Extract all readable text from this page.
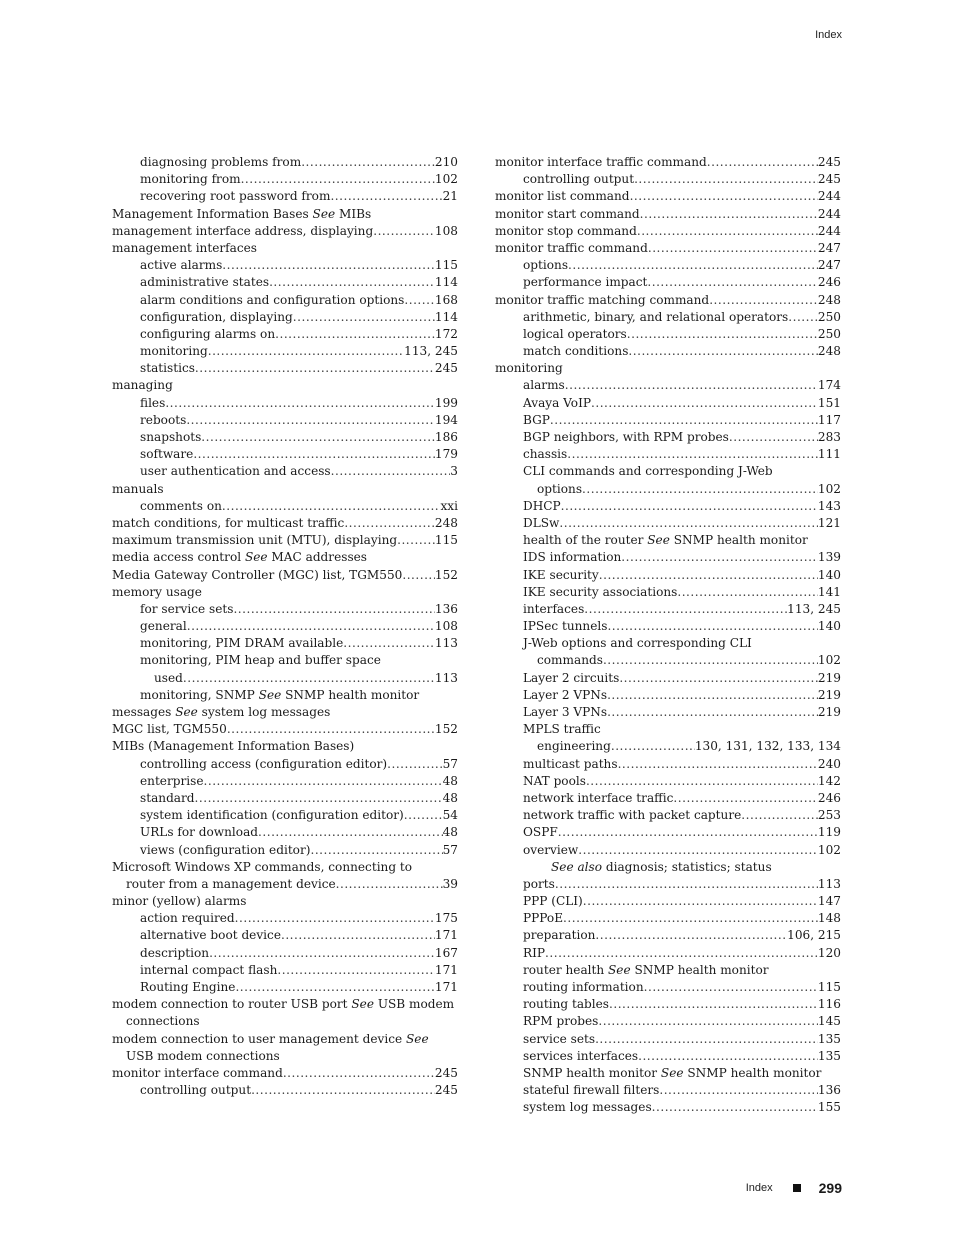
Index
diagnosing problems from .....	210
monitoring from .....	102
recovering root password from .....	21
Management Information Bases See MIBs
management interface address, displaying .....	108
management interfaces
active alarms .....	115
administrative states .....	114
alarm conditions and configuration options .....	168
configuration, displaying .....	114
configuring alarms on .....	172
monitoring .....	113, 245
statistics .....	245
managing
files .....	199
reboots .....	194
snapshots .....	186
software .....	179
user authentication and access .....	3
manuals
comments on .....	xxi
match conditions, for multicast traffic .....	248
maximum transmission unit (MTU), displaying .....	115
media access control See MAC addresses
Media Gateway Controller (MGC) list, TGM550 .....	152
memory usage
for service sets .....	136
general .....	108
monitoring, PIM DRAM available .....	113
monitoring, PIM heap and buffer space
used .....	113
monitoring, SNMP See SNMP health monitor
messages See system log messages
MGC list, TGM550 .....	152
MIBs (Management Information Bases)
controlling access (configuration editor) .....	57
enterprise .....	48
standard .....	48
system identification (configuration editor) .....	54
URLs for download .....	48
views (configuration editor) .....	57
Microsoft Windows XP commands, connecting to
router from a management device .....	39
minor (yellow) alarms
action required .....	175
alternative boot device .....	171
description .....	167
internal compact flash .....	171
Routing Engine .....	171
modem connection to router USB port See USB modem
connections
modem connection to user management device See
USB modem connections
monitor interface command .....	245
controlling output .....	245
monitor interface traffic command .....	245
controlling output .....	245
monitor list command .....	244
monitor start command .....	244
monitor stop command .....	244
monitor traffic command .....	247
options .....	247
performance impact .....	246
monitor traffic matching command .....	248
arithmetic, binary, and relational operators ..... 250
logical operators .....	250
match conditions .....	248
monitoring
alarms .....	174
Avaya VoIP .....	151
BGP .....	117
BGP neighbors, with RPM probes .....	283
chassis .....	111
CLI commands and corresponding J-Web
options .....	102
DHCP .....	143
DLSw .....	121
health of the router See SNMP health monitor
IDS information .....	139
IKE security .....	140
IKE security associations .....	141
interfaces .....	113, 245
IPSec tunnels .....	140
J-Web options and corresponding CLI
commands .....	102
Layer 2 circuits .....	219
Layer 2 VPNs .....	219
Layer 3 VPNs .....	219
MPLS traffic
engineering .....	130, 131, 132, 133, 134
multicast paths .....	240
NAT pools .....	142
network interface traffic .....	246
network traffic with packet capture .....	253
OSPF .....	119
overview .....	102
See also diagnosis; statistics; status
ports .....	113
PPP (CLI) .....	147
PPPoE .....	148
preparation .....	106, 215
RIP .....	120
router health See SNMP health monitor
routing information .....	115
routing tables .....	116
RPM probes .....	145
service sets .....	135
services interfaces .....	135
SNMP health monitor See SNMP health monitor
stateful firewall filters .....	136
system log messages .....	155
Index	299
